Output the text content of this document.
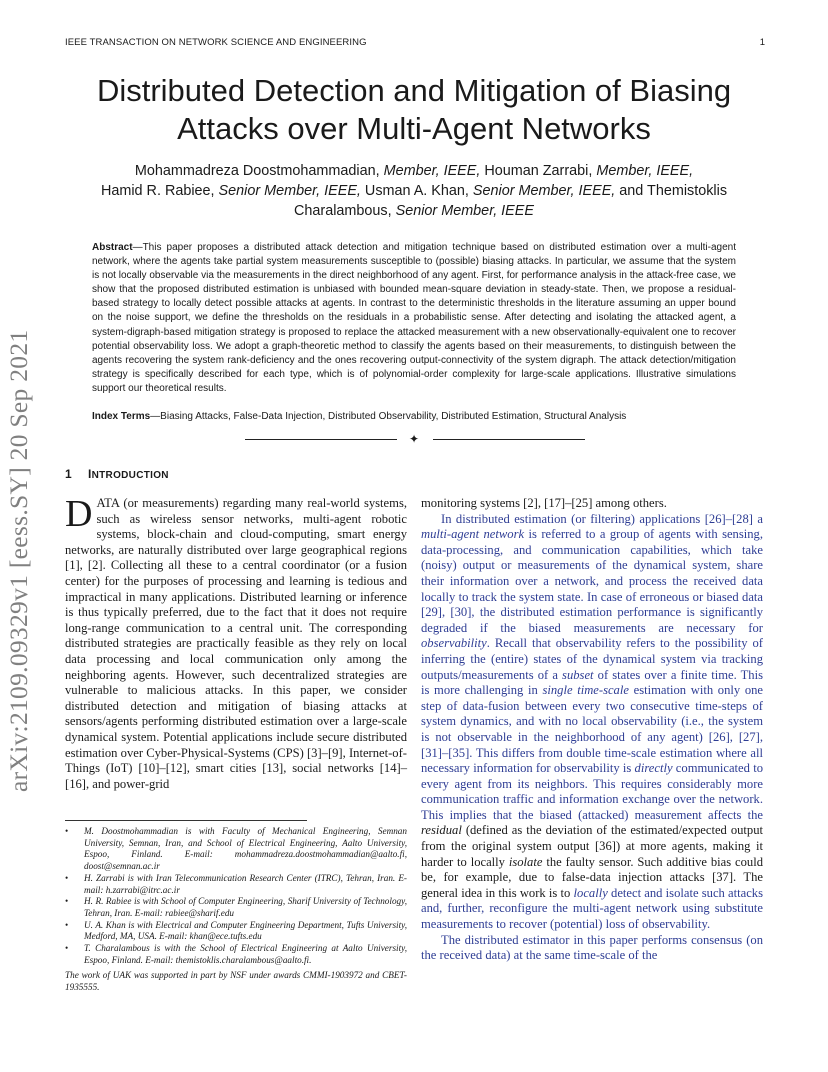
IEEE TRANSACTION ON NETWORK SCIENCE AND ENGINEERING	1
Distributed Detection and Mitigation of Biasing Attacks over Multi-Agent Networks
Mohammadreza Doostmohammadian, Member, IEEE, Houman Zarrabi, Member, IEEE,
Hamid R. Rabiee, Senior Member, IEEE, Usman A. Khan, Senior Member, IEEE, and Themistoklis Charalambous, Senior Member, IEEE
Abstract—This paper proposes a distributed attack detection and mitigation technique based on distributed estimation over a multi-agent network, where the agents take partial system measurements susceptible to (possible) biasing attacks. In particular, we assume that the system is not locally observable via the measurements in the direct neighborhood of any agent. First, for performance analysis in the attack-free case, we show that the proposed distributed estimation is unbiased with bounded mean-square deviation in steady-state. Then, we propose a residual-based strategy to locally detect possible attacks at agents. In contrast to the deterministic thresholds in the literature assuming an upper bound on the noise support, we define the thresholds on the residuals in a probabilistic sense. After detecting and isolating the attacked agent, a system-digraph-based mitigation strategy is proposed to replace the attacked measurement with a new observationally-equivalent one to recover potential observability loss. We adopt a graph-theoretic method to classify the agents based on their measurements, to distinguish between the agents recovering the system rank-deficiency and the ones recovering output-connectivity of the system digraph. The attack detection/mitigation strategy is specifically described for each type, which is of polynomial-order complexity for large-scale applications. Illustrative simulations support our theoretical results.
Index Terms—Biasing Attacks, False-Data Injection, Distributed Observability, Distributed Estimation, Structural Analysis
✦
arXiv:2109.09329v1 [eess.SY] 20 Sep 2021	1 INTRODUCTION

DATA (or measurements) regarding many real-world systems, such as wireless sensor networks, multi-agent robotic systems, block-chain and cloud-computing, smart energy networks, are naturally distributed over large geographical regions [1], [2]. Collecting all these to a central coordinator (or a fusion center) for the purposes of processing and learning is tedious and impractical in many applications. Distributed learning or inference is thus typically preferred, due to the fact that it does not require long-range communication to a central unit. The corresponding distributed strategies are practically feasible as they rely on local data processing and local communication only among the neighboring agents. However, such decentralized strategies are vulnerable to malicious attacks. In this paper, we consider distributed detection and mitigation of biasing attacks at sensors/agents performing distributed estimation over a large-scale dynamical system. Potential applications include secure distributed estimation over Cyber-Physical-Systems (CPS) [3]–[9], Internet-of-Things (IoT) [10]–[12], smart cities [13], social networks [14]–[16], and power-grid

• M. Doostmohammadian is with Faculty of Mechanical Engineering, Semnan University, Semnan, Iran, and School of Electrical Engineering, Aalto University, Espoo, Finland. E-mail: mohammadreza.doostmohammadian@aalto.fi, doost@semnan.ac.ir
• H. Zarrabi is with Iran Telecommunication Research Center (ITRC), Tehran, Iran. E-mail: h.zarrabi@itrc.ac.ir
• H. R. Rabiee is with School of Computer Engineering, Sharif University of Technology, Tehran, Iran. E-mail: rabiee@sharif.edu
• U. A. Khan is with Electrical and Computer Engineering Department, Tufts University, Medford, MA, USA. E-mail: khan@ece.tufts.edu
• T. Charalambous is with the School of Electrical Engineering at Aalto University, Espoo, Finland. E-mail: themistoklis.charalambous@aalto.fi.
The work of UAK was supported in part by NSF under awards CMMI-1903972 and CBET-1935555.

monitoring systems [2], [17]–[25] among others.

In distributed estimation (or filtering) applications [26]–[28] a multi-agent network is referred to a group of agents with sensing, data-processing, and communication capabilities, which take (noisy) output or measurements of the dynamical system, share their information over a network, and process the received data locally to track the system state. In case of erroneous or biased data [29], [30], the distributed estimation performance is significantly degraded if the biased measurements are necessary for observability. Recall that observability refers to the possibility of inferring the (entire) states of the dynamical system via tracking outputs/measurements of a subset of states over a finite time. This is more challenging in single time-scale estimation with only one step of data-fusion between every two consecutive time-steps of system dynamics, and with no local observability (i.e., the system is not observable in the neighborhood of any agent) [26], [27], [31]–[35]. This differs from double time-scale estimation where all necessary information for observability is directly communicated to every agent from its neighbors. This requires considerably more communication traffic and information exchange over the network. This implies that the biased (attacked) measurement affects the residual (defined as the deviation of the estimated/expected output from the original system output [36]) at more agents, making it harder to locally isolate the faulty sensor. Such additive bias could be, for example, due to false-data injection attacks [37]. The general idea in this work is to locally detect and isolate such attacks and, further, reconfigure the multi-agent network using substitute measurements to recover (potential) loss of observability.

The distributed estimator in this paper performs consensus (on the received data) at the same time-scale of the
